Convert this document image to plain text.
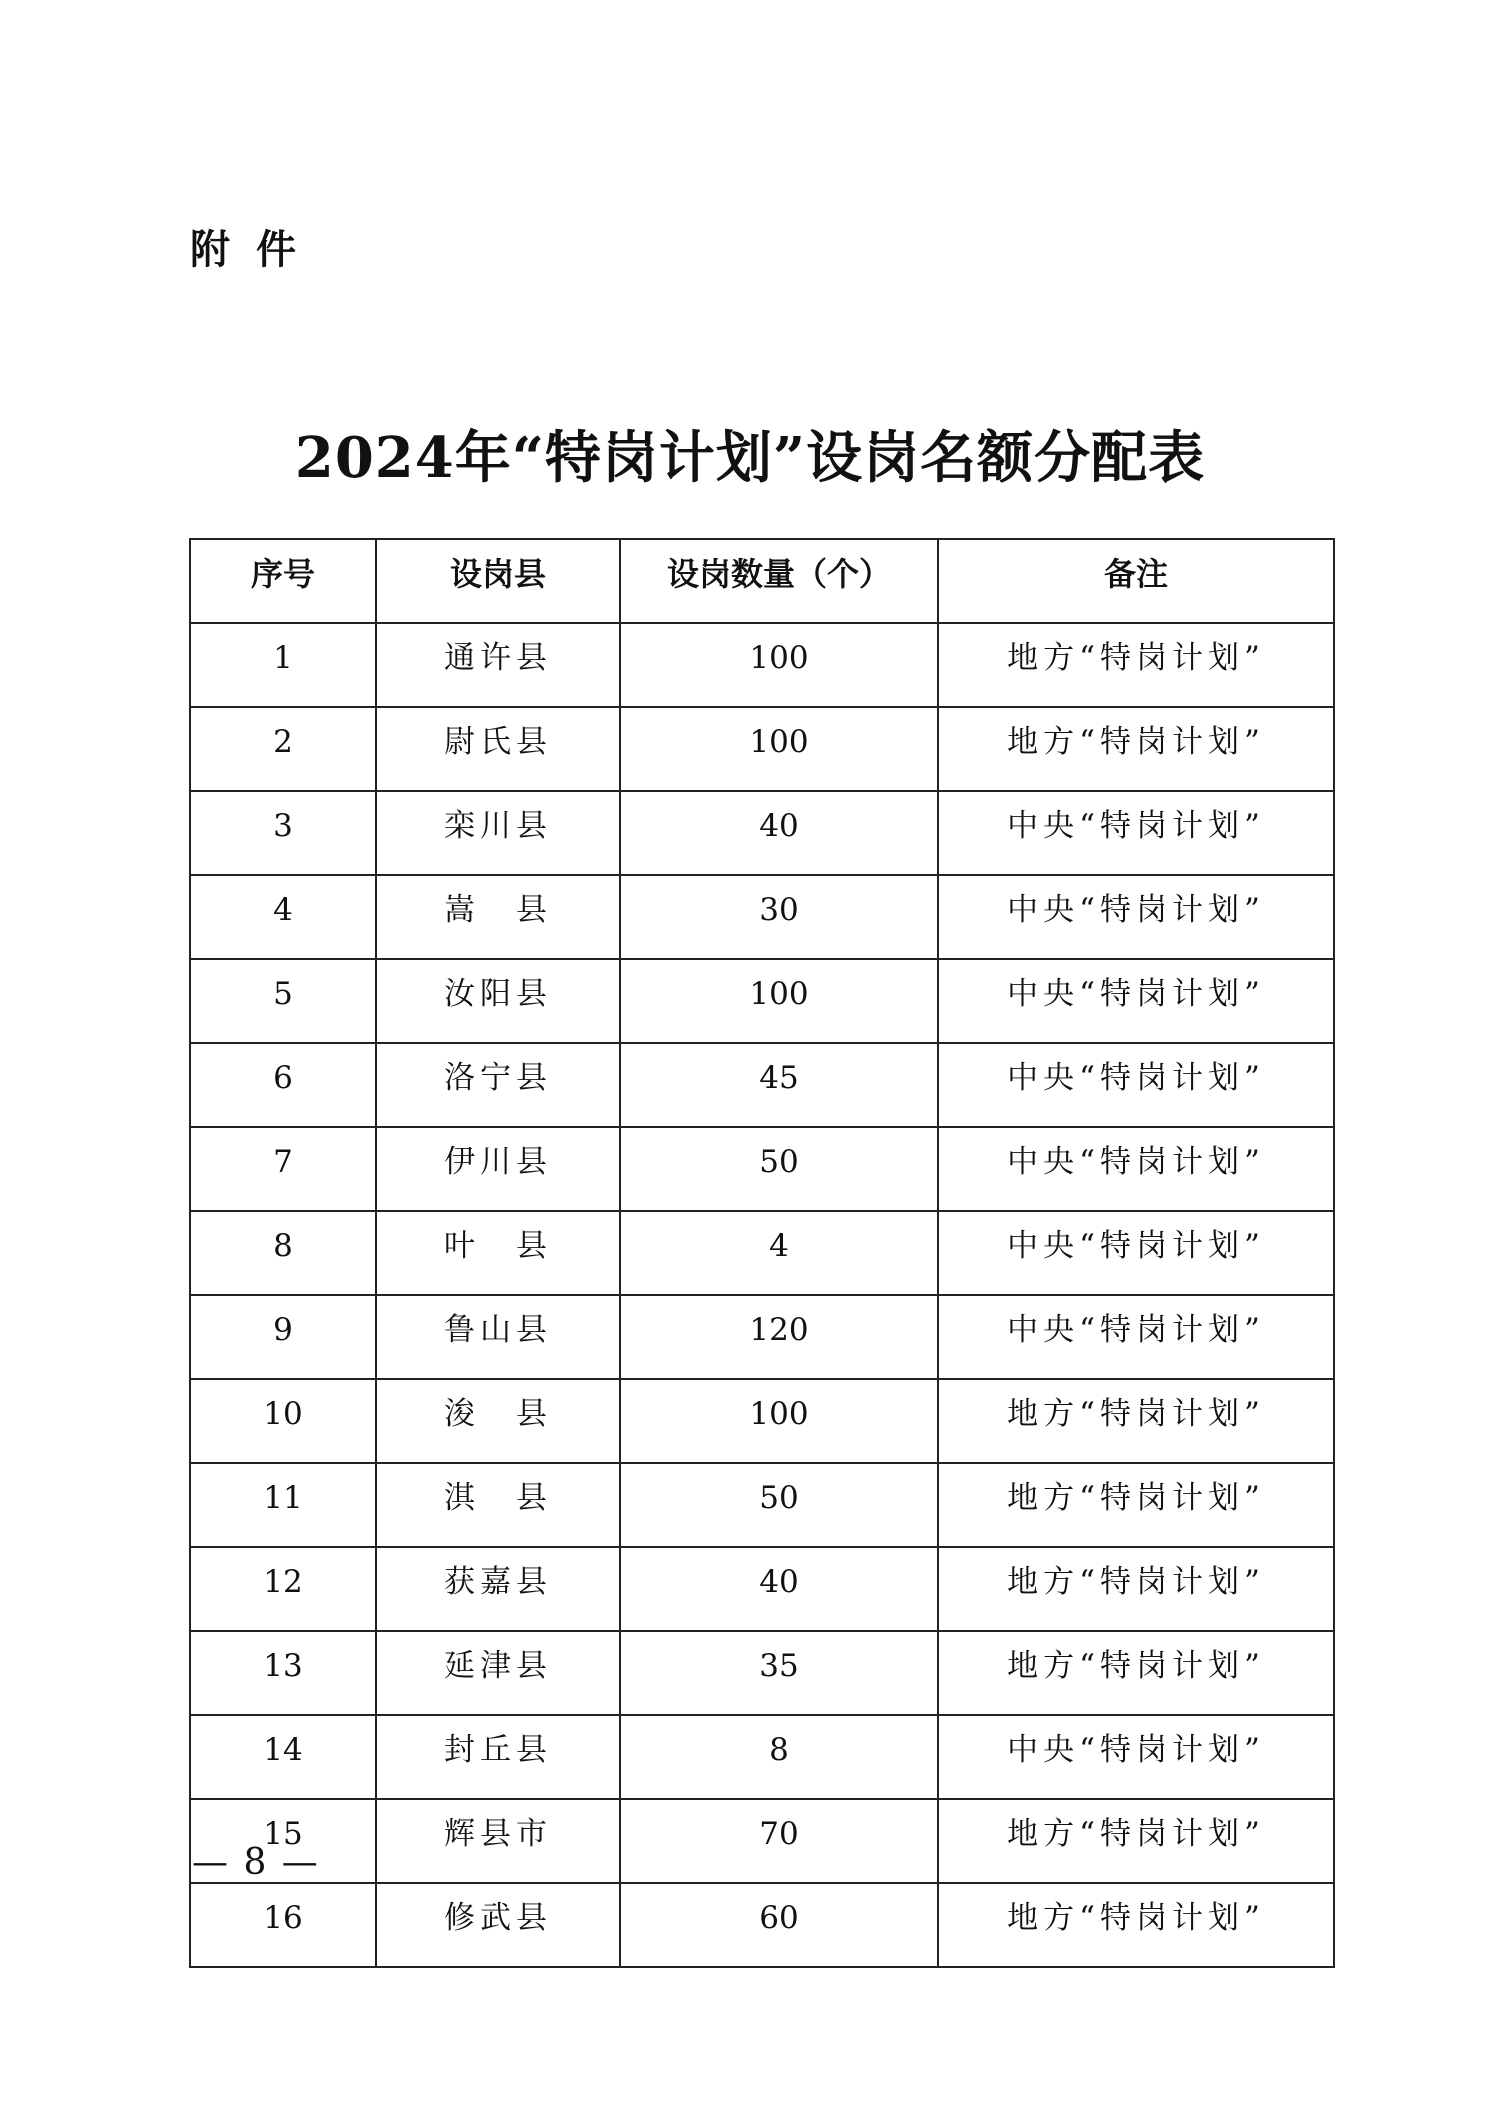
附件
2024年“特岗计划”设岗名额分配表
序号	设岗县	设岗数量（个）	备注
1	通许县	100	地方“特岗计划”
2	尉氏县	100	地方“特岗计划”
3	栾川县	40	中央“特岗计划”
4	嵩　县	30	中央“特岗计划”
5	汝阳县	100	中央“特岗计划”
6	洛宁县	45	中央“特岗计划”
7	伊川县	50	中央“特岗计划”
8	叶　县	4	中央“特岗计划”
9	鲁山县	120	中央“特岗计划”
10	浚　县	100	地方“特岗计划”
11	淇　县	50	地方“特岗计划”
12	获嘉县	40	地方“特岗计划”
13	延津县	35	地方“特岗计划”
14	封丘县	8	中央“特岗计划”
15	辉县市	70	地方“特岗计划”
16	修武县	60	地方“特岗计划”
— 8 —
